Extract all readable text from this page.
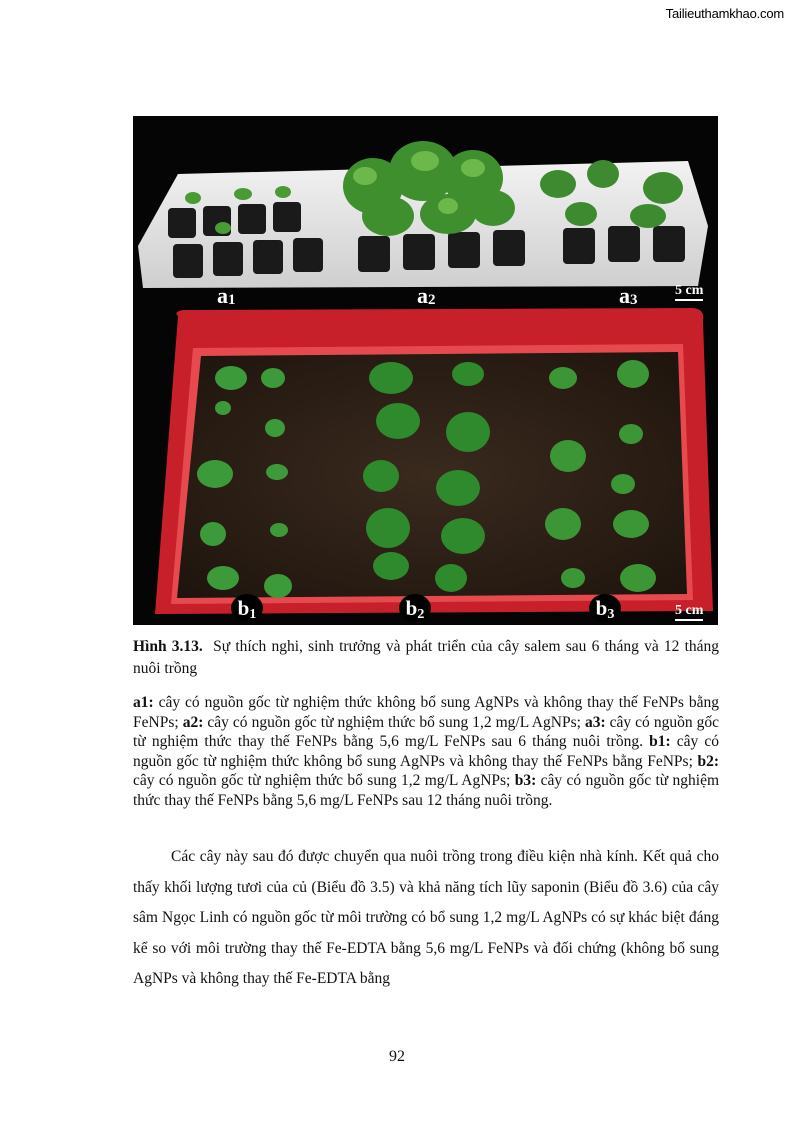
Tailieuthamkhao.com
$a_1$	$a_2$	$a_3$
5 cm
$b_1$	$b_2$	$b_3$	5 cm
Hình 3.13. Sự thích nghi, sinh trưởng và phát triển của cây salem sau 6 tháng và 12 tháng nuôi trồng
a1: cây có nguồn gốc từ nghiệm thức không bổ sung AgNPs và không thay thế FeNPs bằng FeNPs; a2: cây có nguồn gốc từ nghiệm thức bổ sung 1,2 mg/L AgNPs; a3: cây có nguồn gốc từ nghiệm thức thay thế FeNPs bằng 5,6 mg/L FeNPs sau 6 tháng nuôi trồng. b1: cây có nguồn gốc từ nghiệm thức không bổ sung AgNPs và không thay thế FeNPs bằng FeNPs; b2: cây có nguồn gốc từ nghiệm thức bổ sung 1,2 mg/L AgNPs; b3: cây có nguồn gốc từ nghiệm thức thay thế FeNPs bằng 5,6 mg/L FeNPs sau 12 tháng nuôi trồng.

Các cây này sau đó được chuyển qua nuôi trồng trong điều kiện nhà kính. Kết quả cho thấy khối lượng tươi của củ (Biểu đồ 3.5) và khả năng tích lũy saponin (Biểu đồ 3.6) của cây sâm Ngọc Linh có nguồn gốc từ môi trường có bổ sung 1,2 mg/L AgNPs có sự khác biệt đáng kể so với môi trường thay thế Fe-EDTA bằng 5,6 mg/L FeNPs và đối chứng (không bổ sung AgNPs và không thay thế Fe-EDTA bằng

92
